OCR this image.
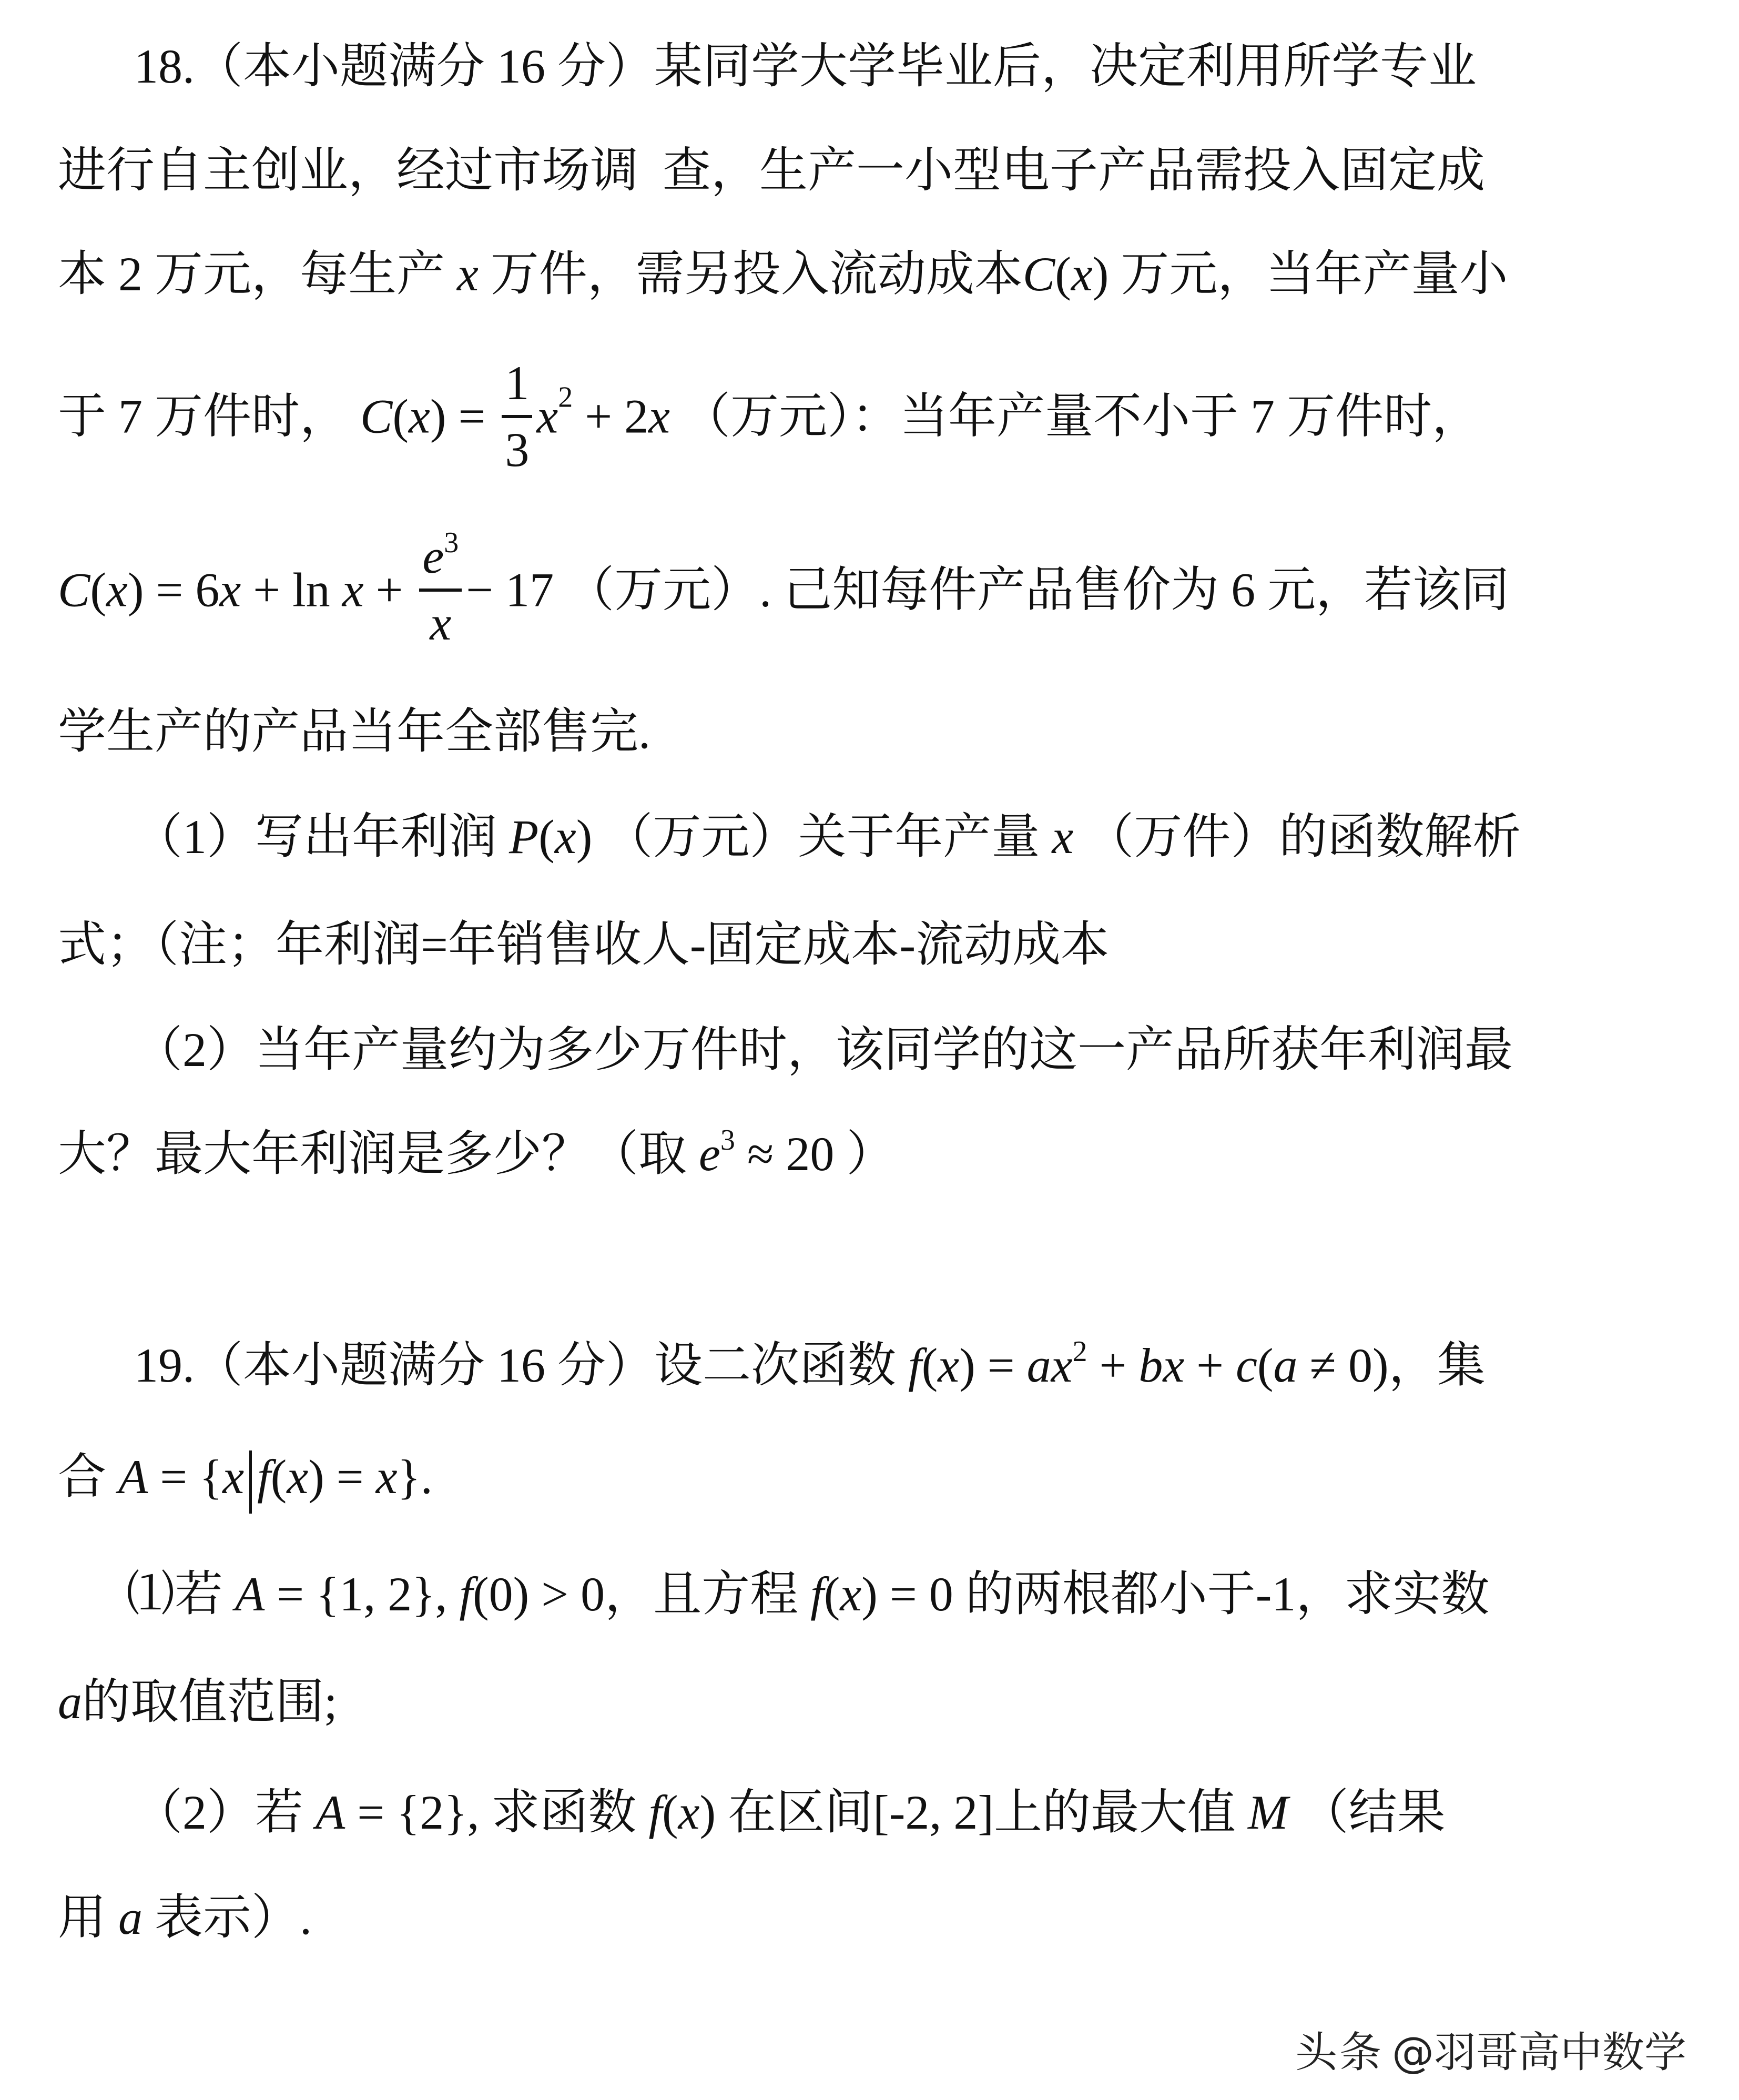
18.（本小题满分 16 分）某同学大学毕业后，决定利用所学专业
进行自主创业，经过市场调  查，生产一小型电子产品需投入固定成
本 2 万元，每生产 x 万件，需另投入流动成本C(x) 万元，当年产量小
于 7 万件时， $C(x) = \frac{1}{3} x^2 + 2x$ （万元）：当年产量不小于 7 万件时，
$C(x) = 6x + \ln x + \frac{e^3}{x} - 17$ （万元）. 己知每件产品售价为 6 元，若该同
学生产的产品当年全部售完.
（1）写出年利润 P(x) （万元）关于年产量 x （万件）的函数解析
式；（注；年利润=年销售收人-固定成本-流动成本
（2）当年产量约为多少万件时，该同学的这一产品所获年利润最
大？最大年利润是多少？（取 $e^3 \approx 20$ ）
19.（本小题满分 16 分）设二次函数 $f(x) = ax^2$ + bx + c(a ≠ 0)，集
合 A = {x f(x) = x}.
⑴若 A = {1, 2}, f(0) > 0，且方程 f(x) = 0 的两根都小于-1，求实数
a的取值范围;
（2）若 A = {2}, 求函数 f(x) 在区间[-2, 2]上的最大值 M （结果
用 a 表示）.
头条 @羽哥高中数学
